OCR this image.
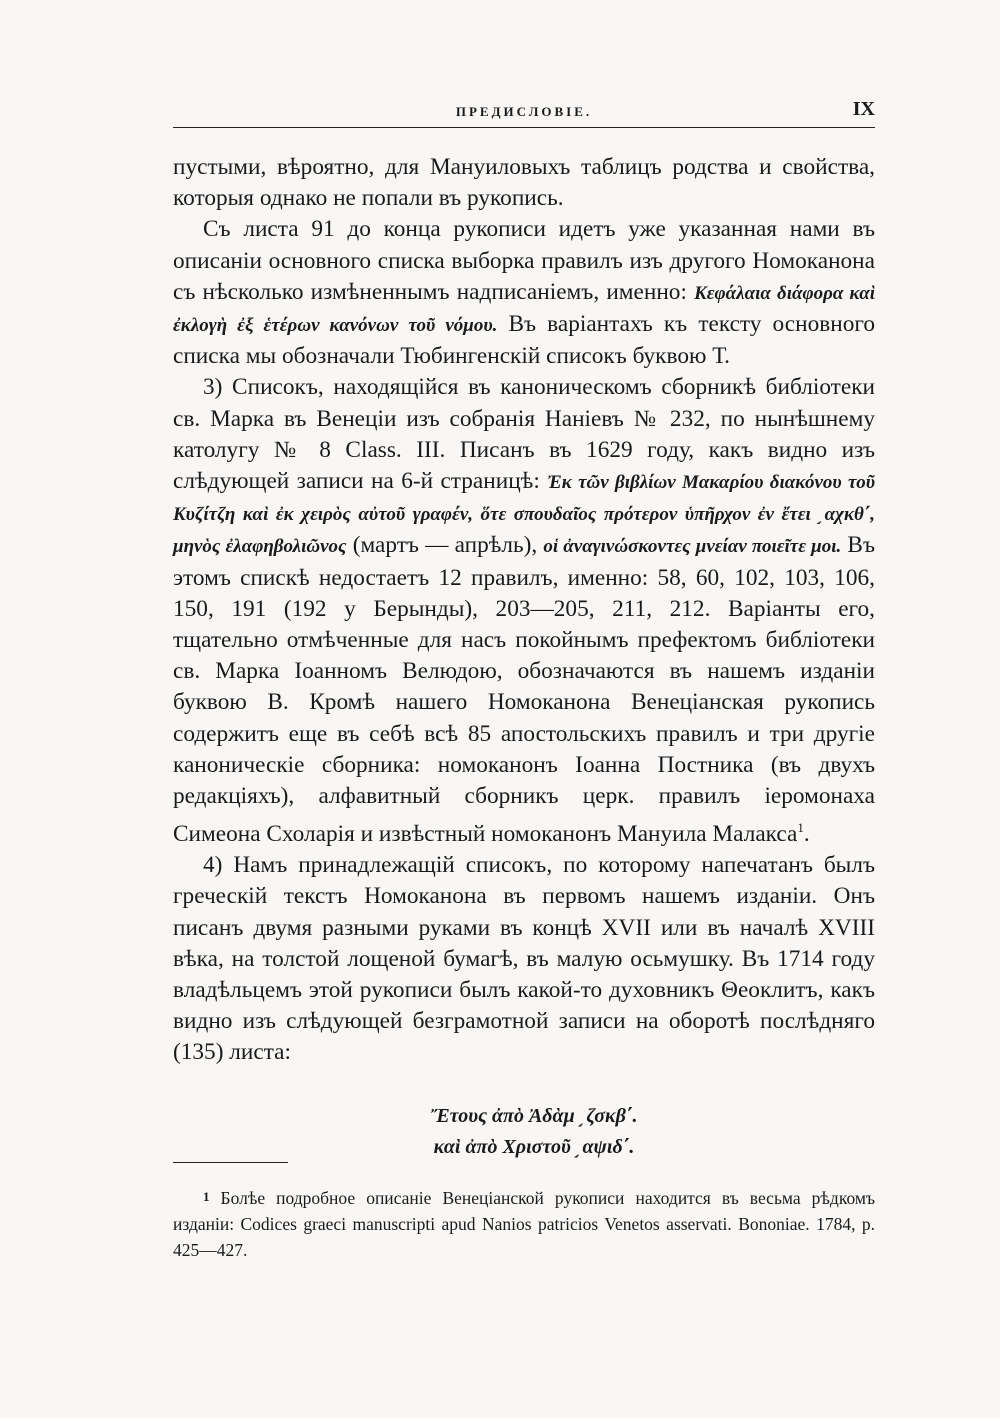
ПРЕДИСЛОВІЕ.	IX

пустыми, вѣроятно, для Мануиловыхъ таблицъ родства и свойства, которыя однако не попали въ рукопись.

Съ листа 91 до конца рукописи идетъ уже указанная нами въ описаніи основного списка выборка правилъ изъ другого Номоканона съ нѣсколько измѣненнымъ надписаніемъ, именно: Κεφάλαια διάφορα καὶ ἐκλογὴ ἐξ ἑτέρων κανόνων τοῦ νόμου. Въ варіантахъ къ тексту основного списка мы обозначали Тюбингенскій списокъ буквою Т.

3) Списокъ, находящійся въ каноническомъ сборникѣ библіотеки св. Марка въ Венеціи изъ собранія Наніевъ № 232, по нынѣшнему католугу № 8 Class. III. Писанъ въ 1629 году, какъ видно изъ слѣдующей записи на 6-й страницѣ: Ἐκ τῶν βιβλίων Μακαρίου διακόνου τοῦ Κυζίτζη καὶ ἐκ χειρὸς αὐτοῦ γραφέν, ὅτε σπουδαῖος πρότερον ὑπῆρχον ἐν ἔτει ͵αχκθ΄, μηνὸς ἐλαφηβολιῶνος (мартъ — апрѣль), οἱ ἀναγινώσκοντες μνείαν ποιεῖτε μοι. Въ этомъ спискѣ недостаетъ 12 правилъ, именно: 58, 60, 102, 103, 106, 150, 191 (192 у Берынды), 203—205, 211, 212. Варіанты его, тщательно отмѣченные для насъ покойнымъ префектомъ библіотеки св. Марка Іоанномъ Велюдою, обозначаются въ нашемъ изданіи буквою В. Кромѣ нашего Номоканона Венеціанская рукопись содержитъ еще въ себѣ всѣ 85 апостольскихъ правилъ и три другіе каноническіе сборника: номоканонъ Іоанна Постника (въ двухъ редакціяхъ), алфавитный сборникъ церк. правилъ іеромонаха Симеона Схоларія и извѣстный номоканонъ Мануила Малакса$^1$.

4) Намъ принадлежащій списокъ, по которому напечатанъ былъ греческій текстъ Номоканона въ первомъ нашемъ изданіи. Онъ писанъ двумя разными руками въ концѣ XVII или въ началѣ XVIII вѣка, на толстой лощеной бумагѣ, въ малую осьмушку. Въ 1714 году владѣльцемъ этой рукописи былъ какой-то духовникъ Θеоклитъ, какъ видно изъ слѣдующей безграмотной записи на оборотѣ послѣдняго (135) листа:

Ἔτους ἀπὸ Ἀδὰμ ͵ζσκβ΄.
καὶ ἀπὸ Χριστοῦ ͵αψιδ΄.
1 Болѣе подробное описаніе Венеціанской рукописи находится въ весьма рѣдкомъ изданіи: Codices graeci manuscripti apud Nanios patricios Venetos asservati. Bononiae. 1784, p. 425—427.
